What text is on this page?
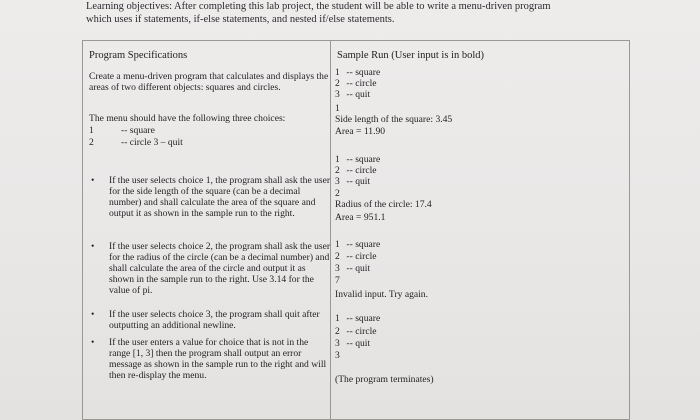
Learning objectives: After completing this lab project, the student will be able to write a menu-driven program

which uses if statements, if-else statements, and nested if/else statements.

Program Specifications

Create a menu-driven program that calculates and displays the areas of two different objects: squares and circles.

The menu should have the following three choices:
1	-- square
2	-- circle 3 – quit
• If the user selects choice 1, the program shall ask the user for the side length of the square (can be a decimal number) and shall calculate the area of the square and output it as shown in the sample run to the right.
• If the user selects choice 2, the program shall ask the user for the radius of the circle (can be a decimal number) and shall calculate the area of the circle and output it as shown in the sample run to the right. Use 3.14 for the value of pi.
• If the user selects choice 3, the program shall quit after outputting an additional newline.
• If the user enters a value for choice that is not in the range [1, 3] then the program shall output an error message as shown in the sample run to the right and will then re-display the menu.

Sample Run (User input is in bold)
1 -- square
2 -- circle
3 -- quit
1
Side length of the square: 3.45
Area = 11.90
1 -- square
2 -- circle
3 -- quit
2
Radius of the circle: 17.4
Area = 951.1
1 -- square
2 -- circle
3 -- quit
7
Invalid input. Try again.
1 -- square
2 -- circle
3 -- quit
3
(The program terminates)
